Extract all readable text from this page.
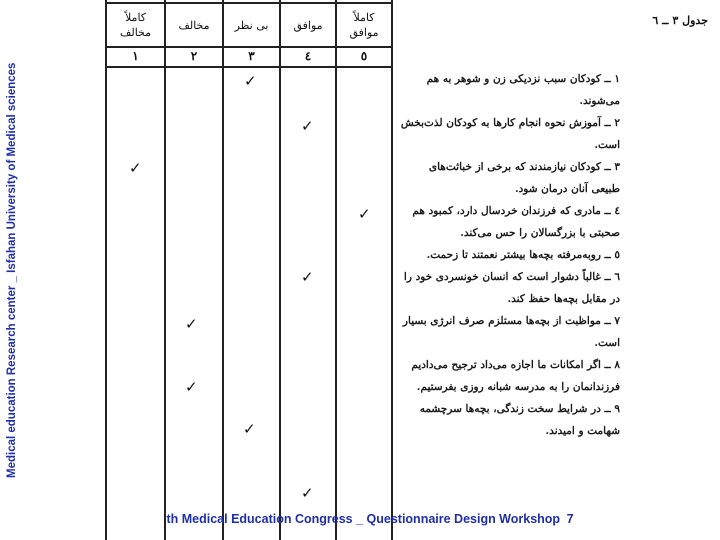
Medical education Research center _ Isfahan University of Medical sciences
کاملاً
موافق
موافق
بی نظر
مخالف
کاملاً
مخالف
٥
٤
٣
٢
١
✓
✓
✓
✓
✓
✓
✓
✓
✓
جدول ٣ ــ ٦

١ ــ کودکان سبب نزدیکی زن و شوهر به هم می‌شوند.

٢ ــ آموزش نحوه انجام کارها به کودکان لذت‌بخش است.

٣ ــ کودکان نیازمندند که برخی از خباثت‌های طبیعی آنان درمان شود.

٤ ــ مادری که فرزندان خردسال دارد، کمبود هم صحبتی با بزرگسالان را حس می‌کند.

٥ ــ روبه‌مرفته بچه‌ها بیشتر نعمتند تا زحمت.

٦ ــ غالباً دشوار است که انسان خونسردی خود را در مقابل بچه‌ها حفظ کند.

٧ ــ مواظبت از بچه‌ها مستلزم صرف انرژی بسیار است.

٨ ــ اگر امکانات ما اجازه می‌داد ترجیح می‌دادیم فرزندانمان را به مدرسه شبانه روزی بفرستیم.

٩ ــ در شرایط سخت زندگی، بچه‌ها سرچشمه شهامت و امیدند.

th Medical Education Congress _ Questionnaire Design Workshop 7
